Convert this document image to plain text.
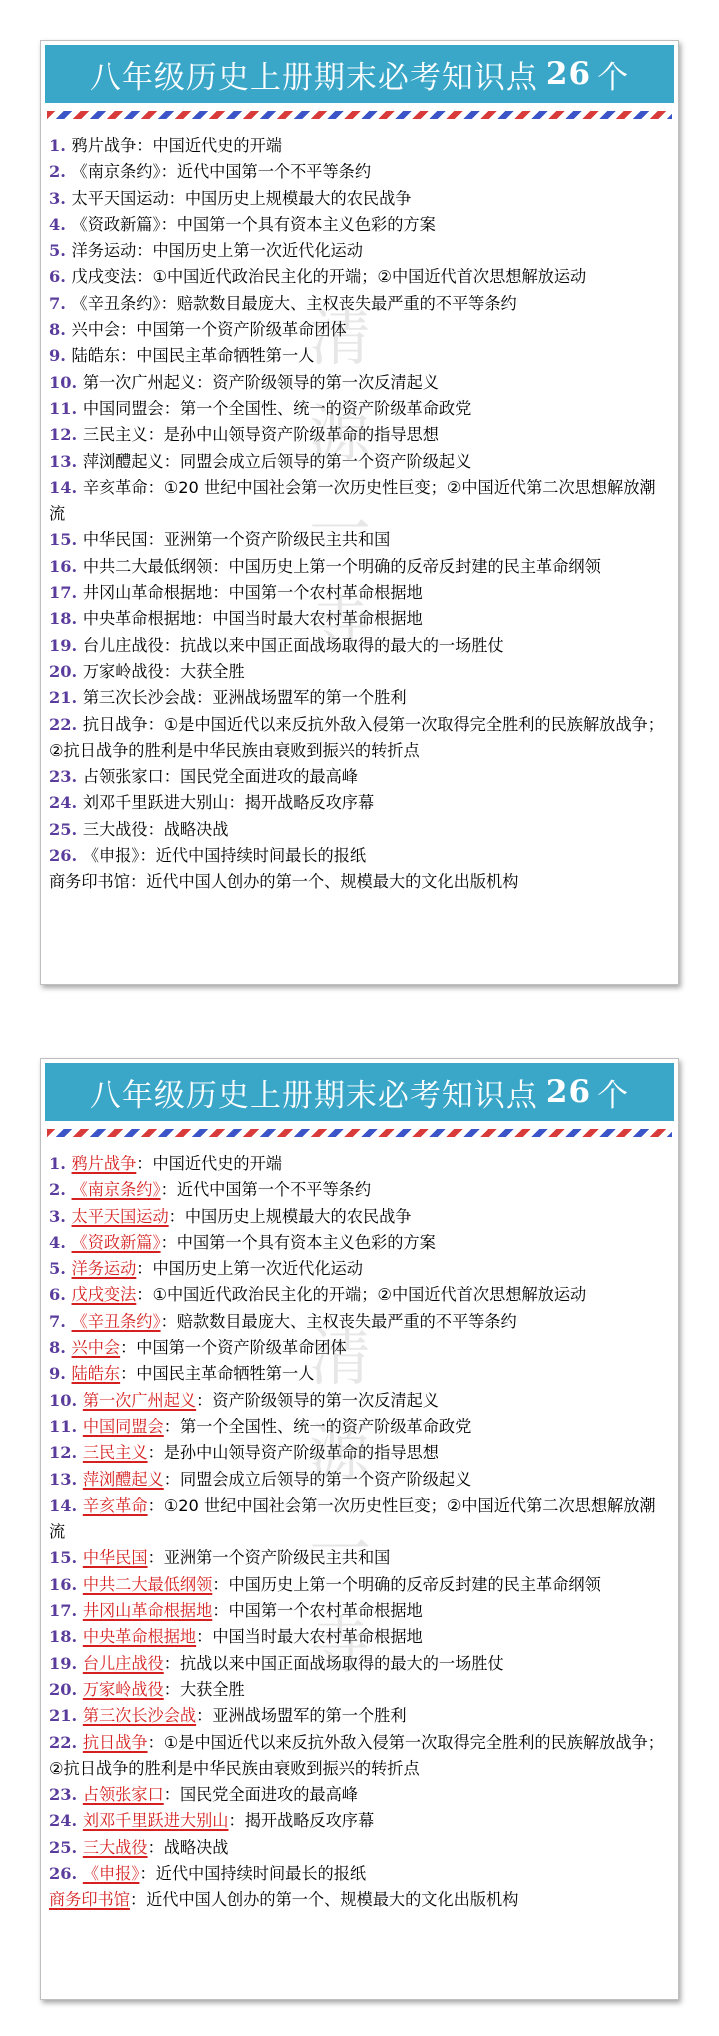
八年级历史上册期末必考知识点 26 个
1. 鸦片战争：中国近代史的开端
2. 《南京条约》：近代中国第一个不平等条约
3. 太平天国运动：中国历史上规模最大的农民战争
4. 《资政新篇》：中国第一个具有资本主义色彩的方案
5. 洋务运动：中国历史上第一次近代化运动
6. 戊戌变法：①中国近代政治民主化的开端；②中国近代首次思想解放运动
7. 《辛丑条约》：赔款数目最庞大、主权丧失最严重的不平等条约
8. 兴中会：中国第一个资产阶级革命团体
9. 陆皓东：中国民主革命牺牲第一人
10. 第一次广州起义：资产阶级领导的第一次反清起义
11. 中国同盟会：第一个全国性、统一的资产阶级革命政党
12. 三民主义：是孙中山领导资产阶级革命的指导思想
13. 萍浏醴起义：同盟会成立后领导的第一个资产阶级起义
14. 辛亥革命：①20 世纪中国社会第一次历史性巨变；②中国近代第二次思想解放潮流
15. 中华民国：亚洲第一个资产阶级民主共和国
16. 中共二大最低纲领：中国历史上第一个明确的反帝反封建的民主革命纲领
17. 井冈山革命根据地：中国第一个农村革命根据地
18. 中央革命根据地：中国当时最大农村革命根据地
19. 台儿庄战役：抗战以来中国正面战场取得的最大的一场胜仗
20. 万家岭战役：大获全胜
21. 第三次长沙会战：亚洲战场盟军的第一个胜利
22. 抗日战争：①是中国近代以来反抗外敌入侵第一次取得完全胜利的民族解放战争；②抗日战争的胜利是中华民族由衰败到振兴的转折点
23. 占领张家口：国民党全面进攻的最高峰
24. 刘邓千里跃进大别山：揭开战略反攻序幕
25. 三大战役：战略决战
26. 《申报》：近代中国持续时间最长的报纸
商务印书馆：近代中国人创办的第一个、规模最大的文化出版机构
八年级历史上册期末必考知识点 26 个
1. 鸦片战争：中国近代史的开端
2. 《南京条约》：近代中国第一个不平等条约
3. 太平天国运动：中国历史上规模最大的农民战争
4. 《资政新篇》：中国第一个具有资本主义色彩的方案
5. 洋务运动：中国历史上第一次近代化运动
6. 戊戌变法：①中国近代政治民主化的开端；②中国近代首次思想解放运动
7. 《辛丑条约》：赔款数目最庞大、主权丧失最严重的不平等条约
8. 兴中会：中国第一个资产阶级革命团体
9. 陆皓东：中国民主革命牺牲第一人
10. 第一次广州起义：资产阶级领导的第一次反清起义
11. 中国同盟会：第一个全国性、统一的资产阶级革命政党
12. 三民主义：是孙中山领导资产阶级革命的指导思想
13. 萍浏醴起义：同盟会成立后领导的第一个资产阶级起义
14. 辛亥革命：①20 世纪中国社会第一次历史性巨变；②中国近代第二次思想解放潮流
15. 中华民国：亚洲第一个资产阶级民主共和国
16. 中共二大最低纲领：中国历史上第一个明确的反帝反封建的民主革命纲领
17. 井冈山革命根据地：中国第一个农村革命根据地
18. 中央革命根据地：中国当时最大农村革命根据地
19. 台儿庄战役：抗战以来中国正面战场取得的最大的一场胜仗
20. 万家岭战役：大获全胜
21. 第三次长沙会战：亚洲战场盟军的第一个胜利
22. 抗日战争：①是中国近代以来反抗外敌入侵第一次取得完全胜利的民族解放战争；②抗日战争的胜利是中华民族由衰败到振兴的转折点
23. 占领张家口：国民党全面进攻的最高峰
24. 刘邓千里跃进大别山：揭开战略反攻序幕
25. 三大战役：战略决战
26. 《申报》：近代中国持续时间最长的报纸
商务印书馆：近代中国人创办的第一个、规模最大的文化出版机构
